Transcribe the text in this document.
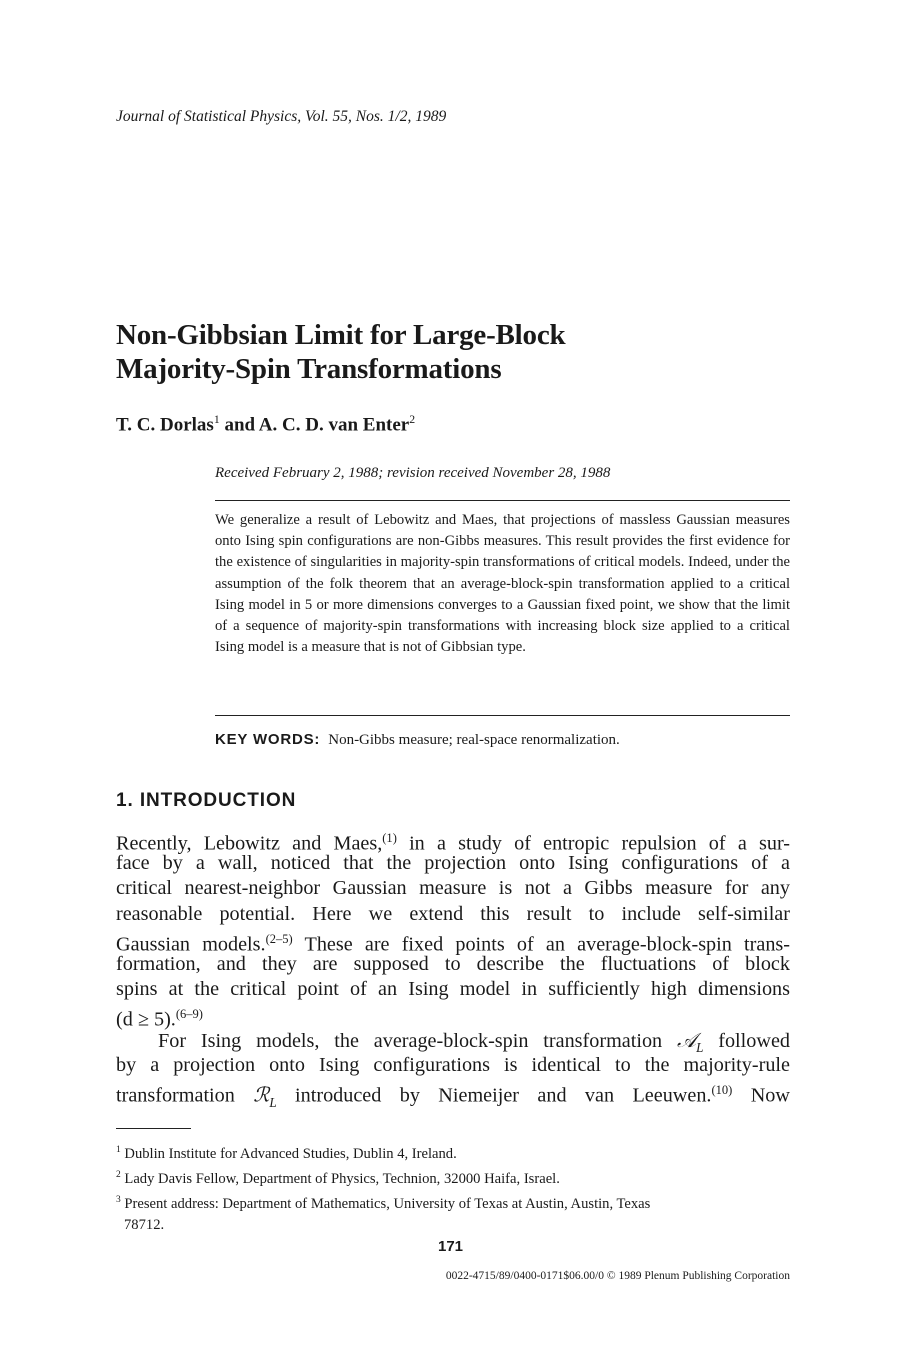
Journal of Statistical Physics, Vol. 55, Nos. 1/2, 1989
Non-Gibbsian Limit for Large-Block
Majority-Spin Transformations
T. C. Dorlas$^1$ and A. C. D. van Enter$^2$
Received February 2, 1988; revision received November 28, 1988
We generalize a result of Lebowitz and Maes, that projections of massless Gaussian measures onto Ising spin configurations are non-Gibbs measures. This result provides the first evidence for the existence of singularities in majority-spin transformations of critical models. Indeed, under the assumption of the folk theorem that an average-block-spin transformation applied to a critical Ising model in 5 or more dimensions converges to a Gaussian fixed point, we show that the limit of a sequence of majority-spin transformations with increasing block size applied to a critical Ising model is a measure that is not of Gibbsian type.
KEY WORDS: Non-Gibbs measure; real-space renormalization.
1. INTRODUCTION
Recently, Lebowitz and Maes,$^{(1)}$ in a study of entropic repulsion of a sur-
face by a wall, noticed that the projection onto Ising configurations of a
critical nearest-neighbor Gaussian measure is not a Gibbs measure for any
reasonable potential. Here we extend this result to include self-similar
Gaussian models.$^{(2-5)}$ These are fixed points of an average-block-spin trans-
formation, and they are supposed to describe the fluctuations of block
spins at the critical point of an Ising model in sufficiently high dimensions
(d ≥ 5).$^{(6-9)}$
For Ising models, the average-block-spin transformation 𝒜$_L$ followed
by a projection onto Ising configurations is identical to the majority-rule
transformation ℛ$_L$ introduced by Niemeijer and van Leeuwen.$^{(10)}$ Now
$^1$ Dublin Institute for Advanced Studies, Dublin 4, Ireland.
$^2$ Lady Davis Fellow, Department of Physics, Technion, 32000 Haifa, Israel.
$^3$ Present address: Department of Mathematics, University of Texas at Austin, Austin, Texas
78712.
171
0022-4715/89/0400-0171$06.00/0 © 1989 Plenum Publishing Corporation
